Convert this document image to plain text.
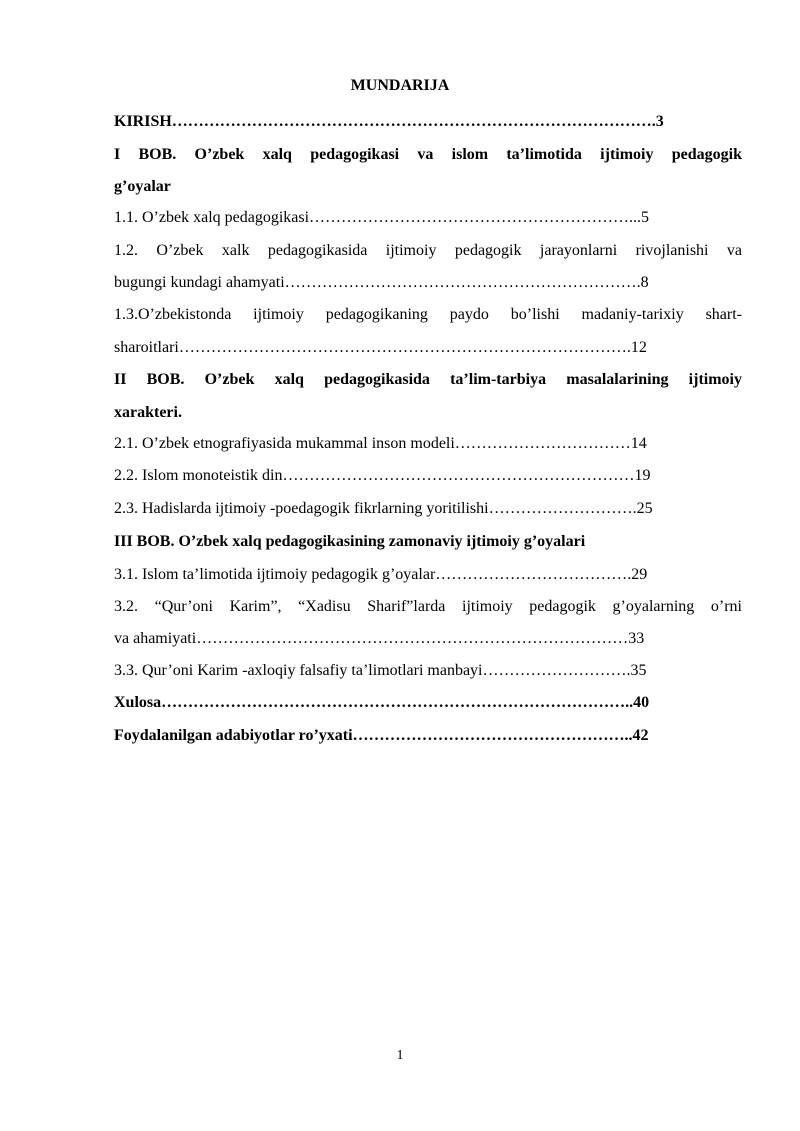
MUNDARIJA
KIRISH……………………………………………………………………………….3
I BOB. O’zbek xalq pedagogikasi va islom ta’limotida ijtimoiy pedagogik
g’oyalar
1.1. O’zbek xalq pedagogikasi……………………………………………………...5
1.2. O’zbek xalk pedagogikasida ijtimoiy pedagogik jarayonlarni rivojlanishi va
bugungi kundagi ahamyati………………………………………………………….8
1.3.O’zbekistonda ijtimoiy pedagogikaning paydo bo’lishi madaniy-tarixiy shart-
sharoitlari………………………………………………………………………….12
II BOB. O’zbek xalq pedagogikasida ta’lim-tarbiya masalalarining ijtimoiy
xarakteri.
2.1. O’zbek etnografiyasida mukammal inson modeli……………………………14
2.2. Islom monoteistik din…………………………………………………………19
2.3. Hadislarda ijtimoiy -poedagogik fikrlarning yoritilishi……………………….25
III BOB. O’zbek xalq pedagogikasining zamonaviy ijtimoiy g’oyalari
3.1. Islom ta’limotida ijtimoiy pedagogik g’oyalar……………………………….29
3.2. “Qur’oni Karim”, “Xadisu Sharif”larda ijtimoiy pedagogik g’oyalarning o’rni
va ahamiyati………………………………………………………………………33
3.3. Qur’oni Karim -axloqiy falsafiy ta’limotlari manbayi……………………….35
Xulosa……………………………………………………………………………..40
Foydalanilgan adabiyotlar ro’yxati……………………………………………..42
1
